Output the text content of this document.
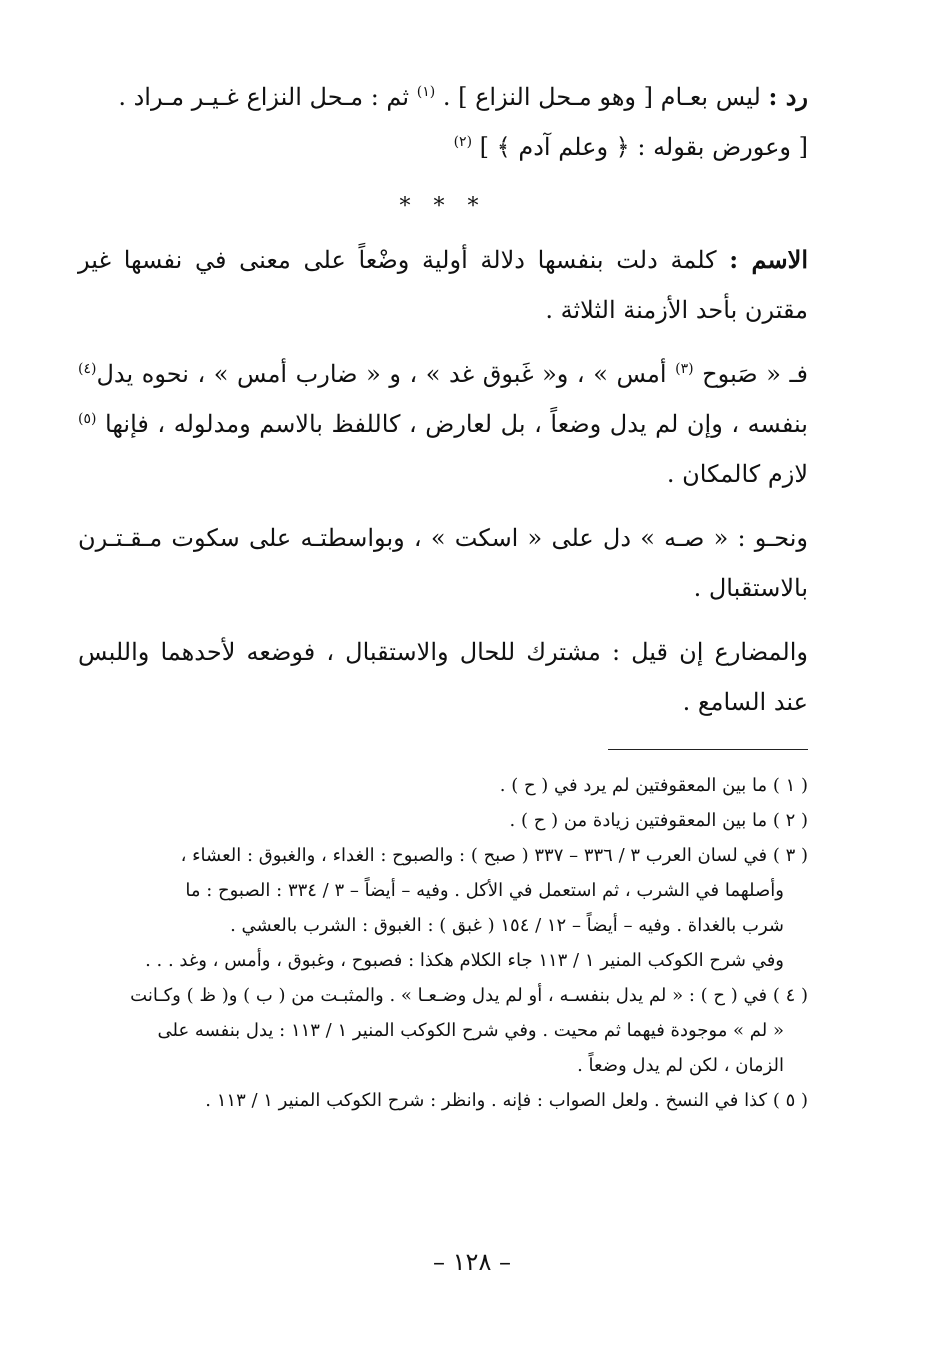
رد : ليس بعـام [ وهو مـحل النزاع ] . $^{(١)}$ ثم : مـحل النزاع غـيـر مـراد .
[ وعورض بقوله : ﴿ وعلم آدم ﴾ ] $^{(٢)}$

* * *

الاسم : كلمة دلت بنفسها دلالة أولية وضْعاً على معنى في نفسها غير مقترن بأحد الأزمنة الثلاثة .

فـ « صَبوح $^{(٣)}$ أمس » ، و« غَبوق غد » ، و « ضارب أمس » ، نحوه يدل$^{(٤)}$ بنفسه ، وإن لم يدل وضعاً ، بل لعارض ، كاللفظ بالاسم ومدلوله ، فإنها $^{(٥)}$ لازم كالمكان .

ونحـو : « صـه » دل على « اسكت » ، وبواسطتـه على سكوت مـقـتـرن بالاستقبال .

والمضارع إن قيل : مشترك للحال والاستقبال ، فوضعه لأحدهما واللبس عند السامع .

( ١ ) ما بين المعقوفتين لم يرد في ( ح ) .

( ٢ ) ما بين المعقوفتين زيادة من ( ح ) .

( ٣ ) في لسان العرب ٣ / ٣٣٦ – ٣٣٧ ( صبح ) : والصبوح : الغداء ، والغبوق : العشاء ،

وأصلهما في الشرب ، ثم استعمل في الأكل . وفيه – أيضاً – ٣ / ٣٣٤ : الصبوح : ما

شرب بالغداة . وفيه – أيضاً – ١٢ / ١٥٤ ( غبق ) : الغبوق : الشرب بالعشي .

وفي شرح الكوكب المنير ١ / ١١٣ جاء الكلام هكذا : فصبوح ، وغبوق ، وأمس ، وغد . . .

( ٤ ) في ( ح ) : « لم يدل بنفسـه ، أو لم يدل وضـعـا » . والمثبـت من ( ب ) و( ظ ) وكـانت

« لم » موجودة فيهما ثم محيت . وفي شرح الكوكب المنير ١ / ١١٣ : يدل بنفسه على

الزمان ، لكن لم يدل وضعاً .

( ٥ ) كذا في النسخ . ولعل الصواب : فإنه . وانظر : شرح الكوكب المنير ١ / ١١٣ .

– ١٢٨ –
